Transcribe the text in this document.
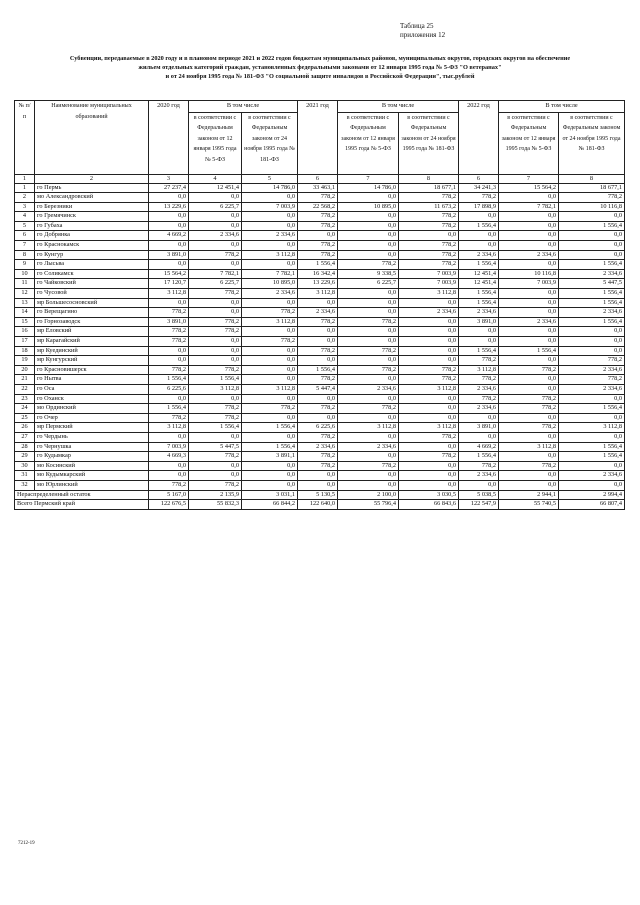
Таблица 25
приложения 12
Субвенции, передаваемые в 2020 году и в плановом периоде 2021 и 2022 годов бюджетам муниципальных районов, муниципальных округов, городских округов на обеспечение
жильем отдельных категорий граждан, установленных федеральными законами от 12 января 1995 года № 5-ФЗ "О ветеранах"
и от 24 ноября 1995 года № 181-ФЗ "О социальной защите инвалидов в Российской Федерации", тыс.рублей
№ п/п	Наименование муниципальных образований	2020 год	В том числе		2021 год	В том числе		2022 год	В том числе	
			в соответствии с Федеральным законом от 12 января 1995 года № 5-ФЗ	в соответствии с Федеральным законом от 24 ноября 1995 года № 181-ФЗ		в соответствии с Федеральным законом от 12 января 1995 года № 5-ФЗ	в соответствии с Федеральным законом от 24 ноября 1995 года № 181-ФЗ		в соответствии с Федеральным законом от 12 января 1995 года № 5-ФЗ	в соответствии с Федеральным законом от 24 ноября 1995 года № 181-ФЗ
1	2	3	4	5	6	7	8	6	7	8
1	го Пермь	27 237,4	12 451,4	14 786,0	33 463,1	14 786,0	18 677,1	34 241,3	15 564,2	18 677,1
2	мо Александровский	0,0	0,0	0,0	778,2	0,0	778,2	778,2	0,0	778,2
3	го Березники	13 229,6	6 225,7	7 003,9	22 568,2	10 895,0	11 673,2	17 898,9	7 782,1	10 116,8
4	го Гремячинск	0,0	0,0	0,0	778,2	0,0	778,2	0,0	0,0	0,0
5	го Губаха	0,0	0,0	0,0	778,2	0,0	778,2	1 556,4	0,0	1 556,4
6	го Добрянка	4 669,2	2 334,6	2 334,6	0,0	0,0	0,0	0,0	0,0	0,0
7	го Краснокамск	0,0	0,0	0,0	778,2	0,0	778,2	0,0	0,0	0,0
8	го Кунгур	3 891,0	778,2	3 112,8	778,2	0,0	778,2	2 334,6	2 334,6	0,0
9	го Лысьва	0,0	0,0	0,0	1 556,4	778,2	778,2	1 556,4	0,0	1 556,4
10	го Соликамск	15 564,2	7 782,1	7 782,1	16 342,4	9 338,5	7 003,9	12 451,4	10 116,8	2 334,6
11	го Чайковский	17 120,7	6 225,7	10 895,0	13 229,6	6 225,7	7 003,9	12 451,4	7 003,9	5 447,5
12	го Чусовой	3 112,8	778,2	2 334,6	3 112,8	0,0	3 112,8	1 556,4	0,0	1 556,4
13	мр Большесосновский	0,0	0,0	0,0	0,0	0,0	0,0	1 556,4	0,0	1 556,4
14	го Верещагино	778,2	0,0	778,2	2 334,6	0,0	2 334,6	2 334,6	0,0	2 334,6
15	го Горнозаводск	3 891,0	778,2	3 112,8	778,2	778,2	0,0	3 891,0	2 334,6	1 556,4
16	мр Еловский	778,2	778,2	0,0	0,0	0,0	0,0	0,0	0,0	0,0
17	мр Карагайский	778,2	0,0	778,2	0,0	0,0	0,0	0,0	0,0	0,0
18	мр Куединский	0,0	0,0	0,0	778,2	778,2	0,0	1 556,4	1 556,4	0,0
19	мр Кунгурский	0,0	0,0	0,0	0,0	0,0	0,0	778,2	0,0	778,2
20	го Красновишерск	778,2	778,2	0,0	1 556,4	778,2	778,2	3 112,8	778,2	2 334,6
21	го Нытва	1 556,4	1 556,4	0,0	778,2	0,0	778,2	778,2	0,0	778,2
22	го Оса	6 225,6	3 112,8	3 112,8	5 447,4	2 334,6	3 112,8	2 334,6	0,0	2 334,6
23	го Оханск	0,0	0,0	0,0	0,0	0,0	0,0	778,2	778,2	0,0
24	мо Ординский	1 556,4	778,2	778,2	778,2	778,2	0,0	2 334,6	778,2	1 556,4
25	го Очер	778,2	778,2	0,0	0,0	0,0	0,0	0,0	0,0	0,0
26	мр Пермский	3 112,8	1 556,4	1 556,4	6 225,6	3 112,8	3 112,8	3 891,0	778,2	3 112,8
27	го Чердынь	0,0	0,0	0,0	778,2	0,0	778,2	0,0	0,0	0,0
28	го Чернушка	7 003,9	5 447,5	1 556,4	2 334,6	2 334,6	0,0	4 669,2	3 112,8	1 556,4
29	го Кудымкар	4 669,3	778,2	3 891,1	778,2	0,0	778,2	1 556,4	0,0	1 556,4
30	мо Косинский	0,0	0,0	0,0	778,2	778,2	0,0	778,2	778,2	0,0
31	мо Кудымкарский	0,0	0,0	0,0	0,0	0,0	0,0	2 334,6	0,0	2 334,6
32	мо Юрлинский	778,2	778,2	0,0	0,0	0,0	0,0	0,0	0,0	0,0
Нераспределенный остаток		5 167,0	2 135,9	3 031,1	5 130,5	2 100,0	3 030,5	5 038,5	2 944,1	2 994,4
Всего Пермский край		122 676,5	55 832,3	66 844,2	122 640,0	55 796,4	66 843,6	122 547,9	55 740,5	66 807,4
7212-19
